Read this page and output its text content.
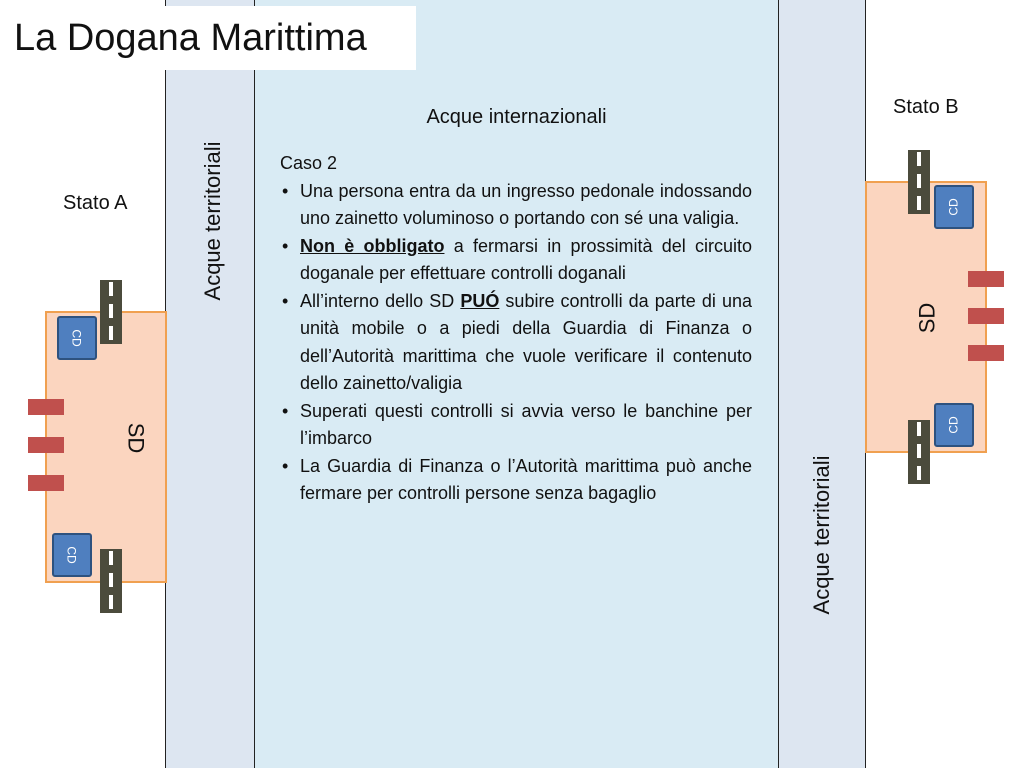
La Dogana Marittima
Acque territoriali
Acque internazionali
Acque territoriali
Stato A
SD
CD
CD
Stato B
SD
CD
CD

Caso 2

• Una persona entra da un ingresso pedonale indossando uno zainetto voluminoso o portando con sé una valigia.
• Non è obbligato a fermarsi in prossimità del circuito doganale per effettuare controlli doganali
• All’interno dello SD PUÓ subire controlli da parte di una unità mobile o a piedi della Guardia di Finanza o dell’Autorità marittima che vuole verificare il contenuto dello zainetto/valigia
• Superati questi controlli si avvia verso le banchine per l’imbarco
• La Guardia di Finanza o l’Autorità marittima può anche fermare per controlli persone senza bagaglio
